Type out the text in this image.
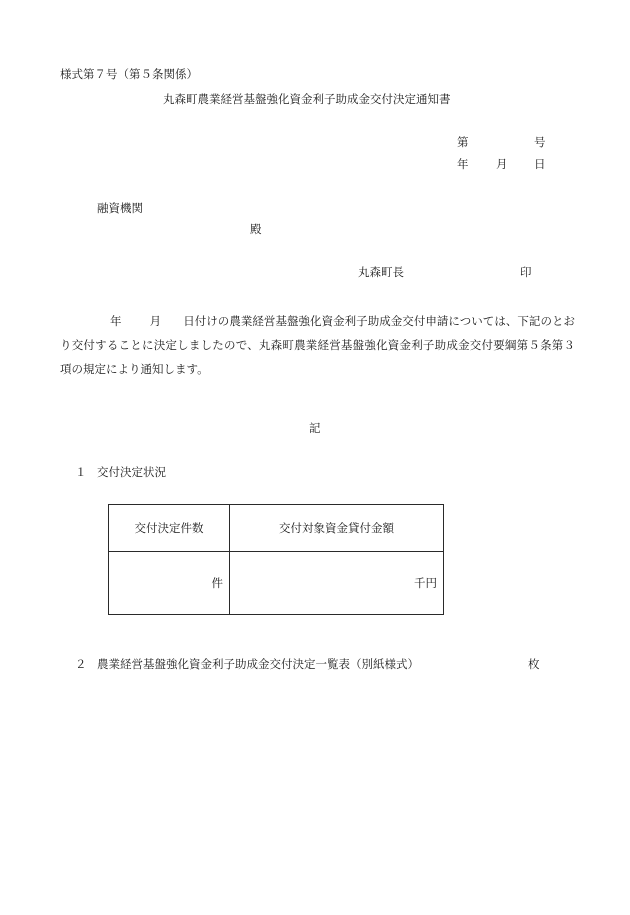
様式第７号（第５条関係）
丸森町農業経営基盤強化資金利子助成金交付決定通知書
第	号
年 月 日
融資機関
殿
丸森町長	印
年 月 日付けの農業経営基盤強化資金利子助成金交付申請については、下記のとおり交付することに決定しましたので、丸森町農業経営基盤強化資金利子助成金交付要綱第５条第３項の規定により通知します。
記
１ 交付決定状況
交付決定件数	交付対象資金貸付金額
件	千円
２ 農業経営基盤強化資金利子助成金交付決定一覧表（別紙様式）	枚
